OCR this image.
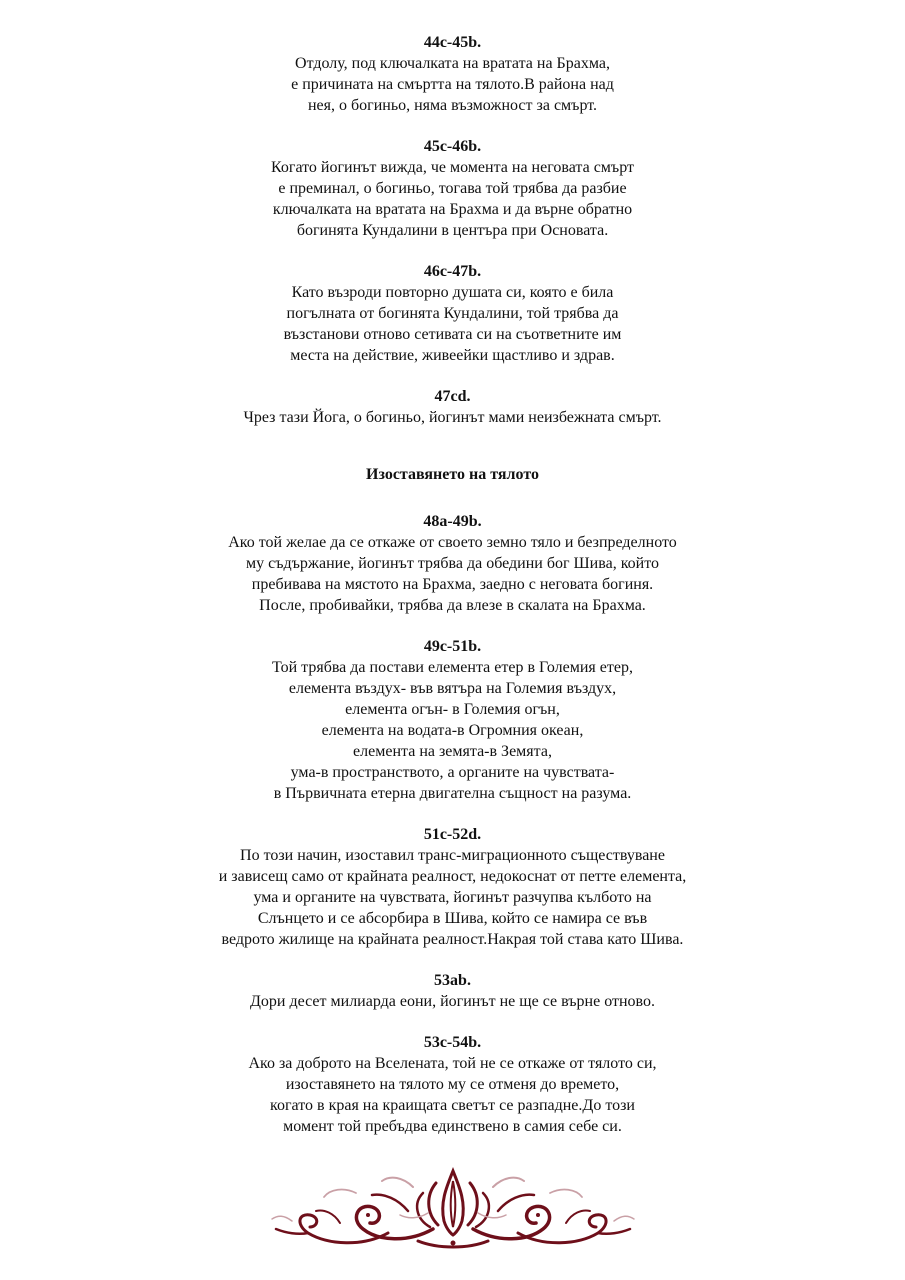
44c-45b.
Отдолу, под ключалката на вратата на Брахма,
е причината на смъртта на тялото.В района над
нея, о богиньо, няма възможност за смърт.
45c-46b.
Когато йогинът вижда, че момента на неговата смърт
е преминал, о богиньо, тогава той трябва да разбие
ключалката на вратата на Брахма и да върне обратно
богинята Кундалини в центъра при Основата.
46c-47b.
Като възроди повторно душата си, която е била
погълната от богинята Кундалини, той трябва да
възстанови отново сетивата си на съответните им
места на действие, живеейки щастливо и здрав.
47cd.
Чрез тази Йога, о богиньо, йогинът мами неизбежната смърт.
Изоставянето на тялото
48a-49b.
Ако той желае да се откаже от своето земно тяло и безпределното
му съдържание, йогинът трябва да обедини бог Шива, който
пребивава на мястото на Брахма, заедно с неговата богиня.
После, пробивайки, трябва да влезе в скалата на Брахма.
49c-51b.
Той трябва да постави елемента етер в Големия етер,
елемента въздух- във вятъра на Големия въздух,
елемента огън- в Големия огън,
елемента на водата-в Огромния океан,
елемента на земята-в Земята,
ума-в пространството, а органите на чувствата-
в Първичната етерна двигателна същност на разума.
51c-52d.
По този начин, изоставил транс-миграционното съществуване
и зависещ само от крайната реалност, недокоснат от петте елемента,
ума и органите на чувствата, йогинът разчупва кълбото на
Слънцето и се абсорбира в Шива, който се намира се във
ведрото жилище на крайната реалност.Накрая той става като Шива.
53ab.
Дори десет милиарда еони, йогинът не ще се върне отново.
53c-54b.
Ако за доброто на Вселената, той не се откаже от тялото си,
изоставянето на тялото му се отменя до времето,
когато в края на краищата светът се разпадне.До този
момент той пребъдва единствено в самия себе си.
